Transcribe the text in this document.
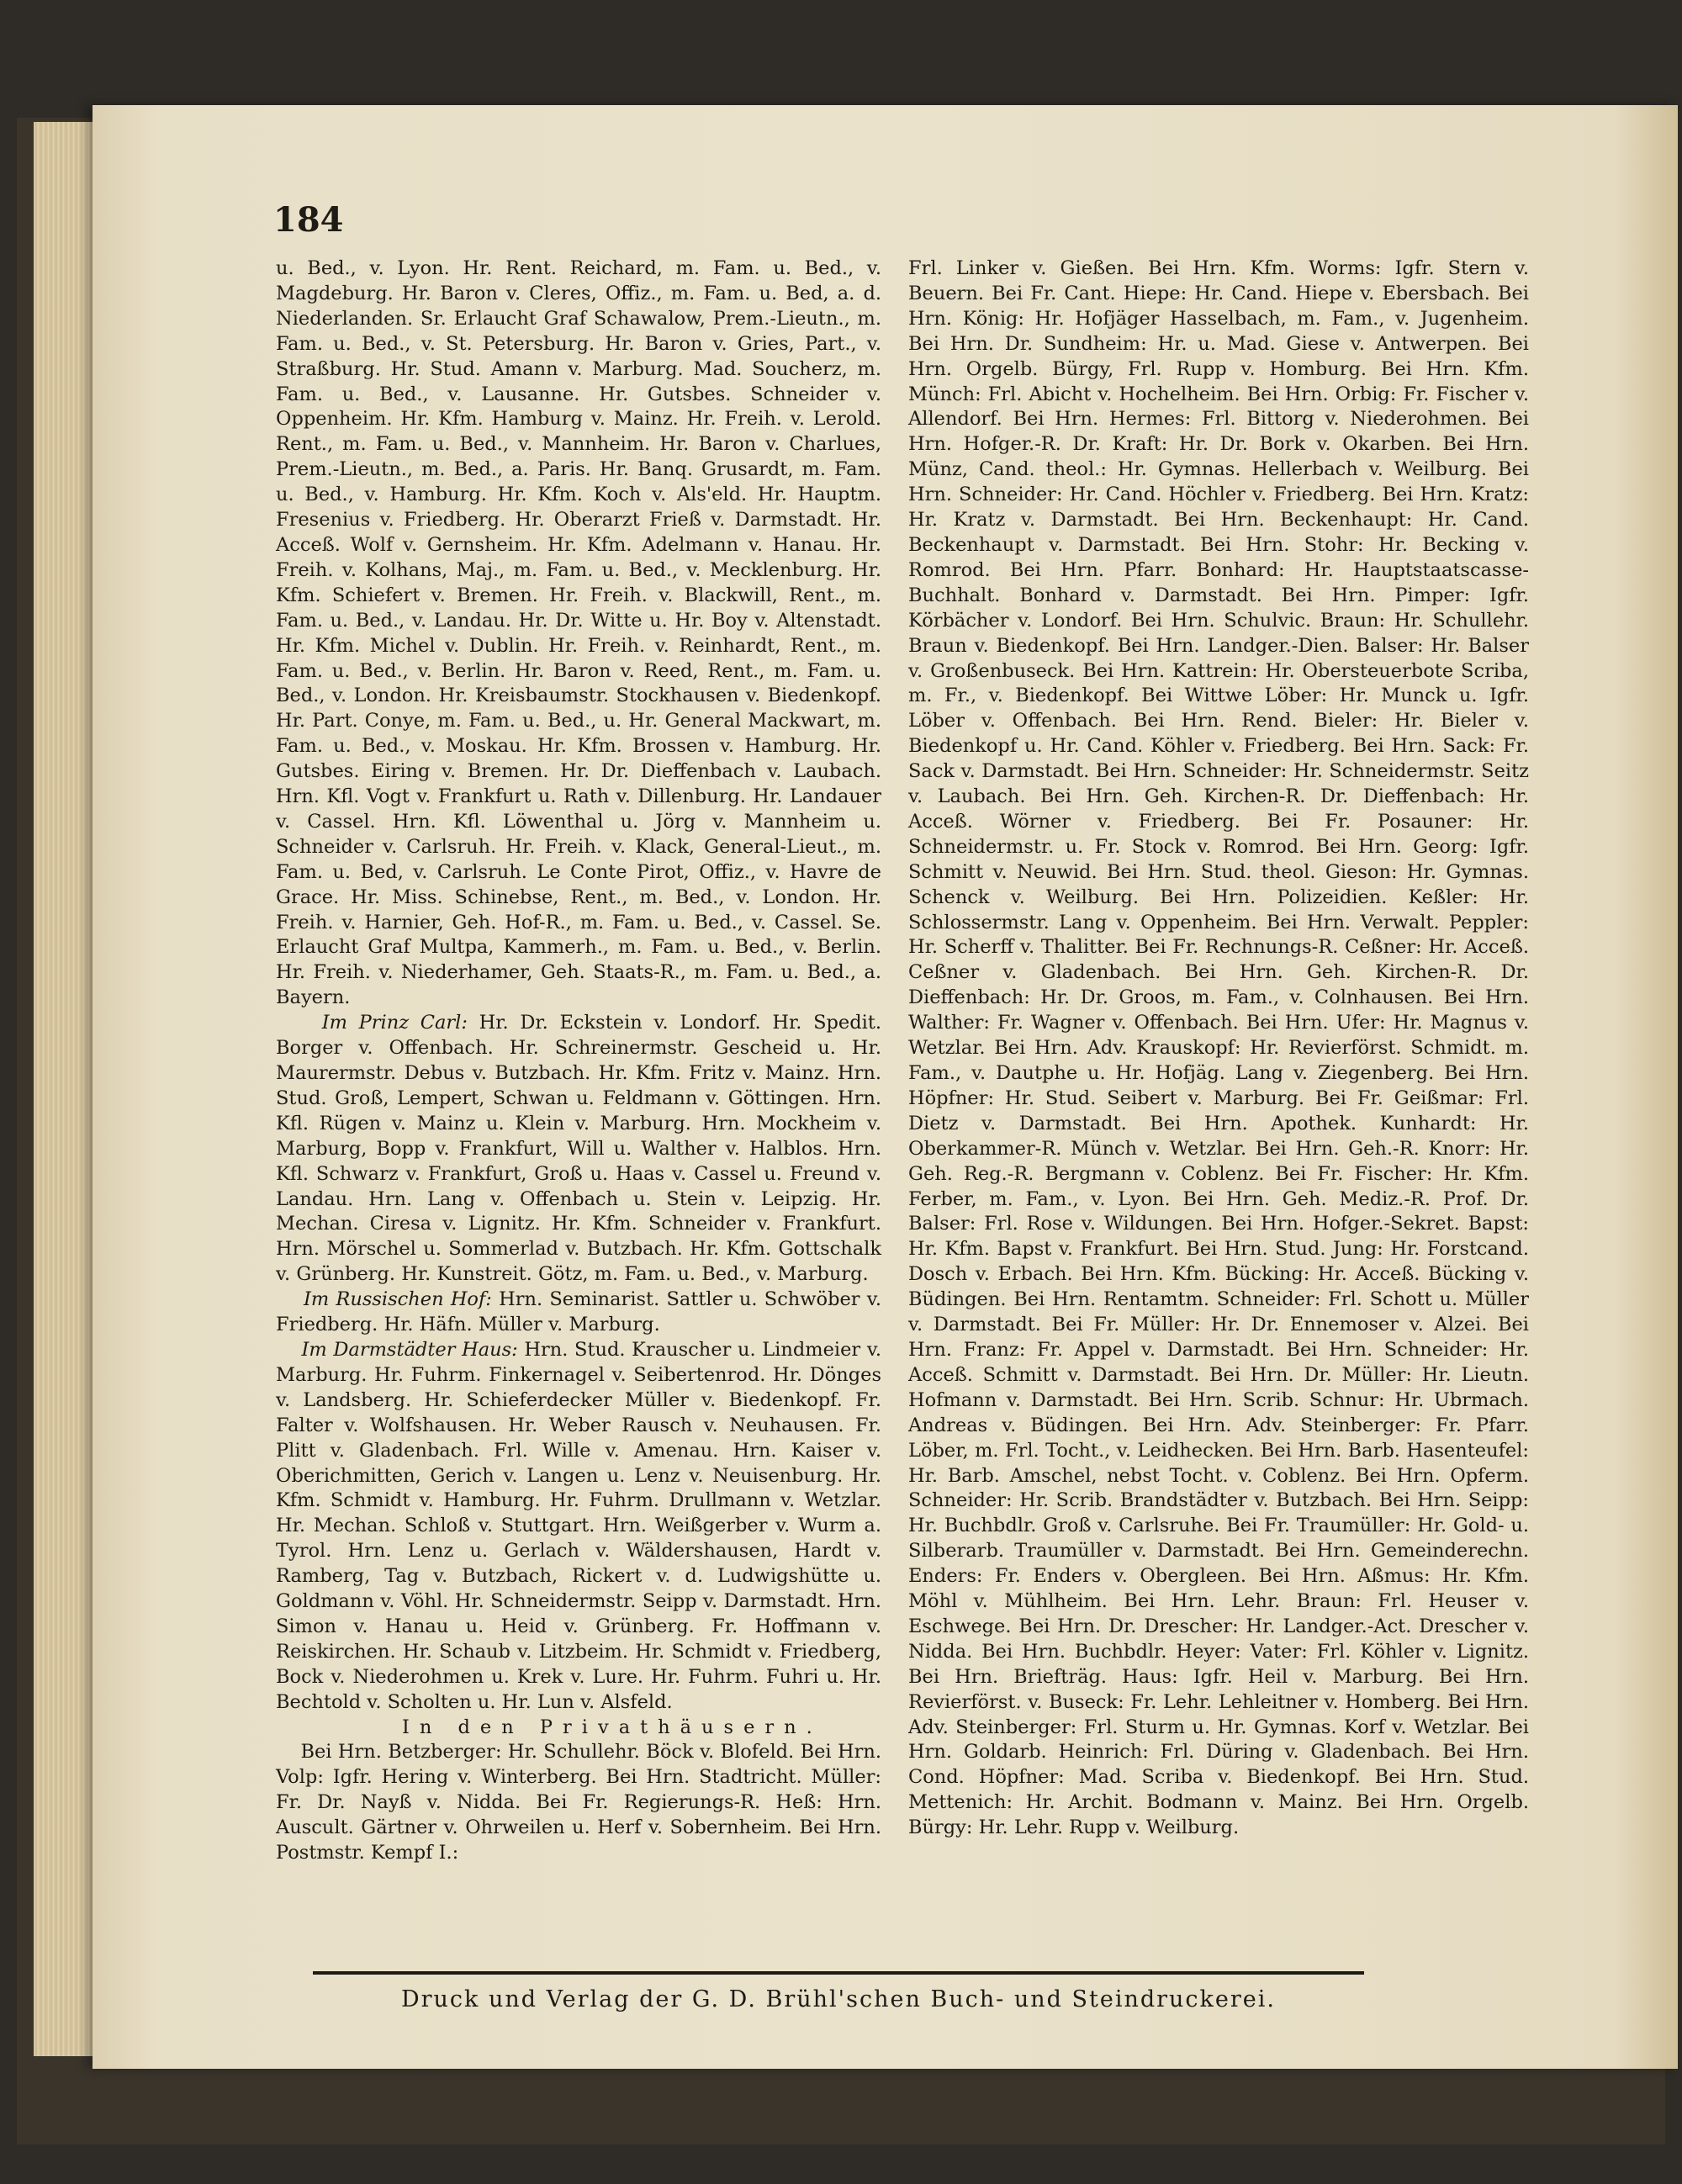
184

u. Bed., v. Lyon. Hr. Rent. Reichard, m. Fam. u. Bed., v. Magdeburg. Hr. Baron v. Cleres, Offiz., m. Fam. u. Bed, a. d. Niederlanden. Sr. Erlaucht Graf Schawalow, Prem.-Lieutn., m. Fam. u. Bed., v. St. Petersburg. Hr. Baron v. Gries, Part., v. Straßburg. Hr. Stud. Amann v. Marburg. Mad. Soucherz, m. Fam. u. Bed., v. Lausanne. Hr. Gutsbes. Schneider v. Oppenheim. Hr. Kfm. Hamburg v. Mainz. Hr. Freih. v. Lerold. Rent., m. Fam. u. Bed., v. Mannheim. Hr. Baron v. Charlues, Prem.-Lieutn., m. Bed., a. Paris. Hr. Banq. Grusardt, m. Fam. u. Bed., v. Hamburg. Hr. Kfm. Koch v. Als'eld. Hr. Hauptm. Fresenius v. Friedberg. Hr. Oberarzt Frieß v. Darmstadt. Hr. Acceß. Wolf v. Gernsheim. Hr. Kfm. Adelmann v. Hanau. Hr. Freih. v. Kolhans, Maj., m. Fam. u. Bed., v. Mecklenburg. Hr. Kfm. Schiefert v. Bremen. Hr. Freih. v. Blackwill, Rent., m. Fam. u. Bed., v. Landau. Hr. Dr. Witte u. Hr. Boy v. Altenstadt. Hr. Kfm. Michel v. Dublin. Hr. Freih. v. Reinhardt, Rent., m. Fam. u. Bed., v. Berlin. Hr. Baron v. Reed, Rent., m. Fam. u. Bed., v. London. Hr. Kreisbaumstr. Stockhausen v. Biedenkopf. Hr. Part. Conye, m. Fam. u. Bed., u. Hr. General Mackwart, m. Fam. u. Bed., v. Moskau. Hr. Kfm. Brossen v. Hamburg. Hr. Gutsbes. Eiring v. Bremen. Hr. Dr. Dieffenbach v. Laubach. Hrn. Kfl. Vogt v. Frankfurt u. Rath v. Dillenburg. Hr. Landauer v. Cassel. Hrn. Kfl. Löwenthal u. Jörg v. Mannheim u. Schneider v. Carlsruh. Hr. Freih. v. Klack, General-Lieut., m. Fam. u. Bed, v. Carlsruh. Le Conte Pirot, Offiz., v. Havre de Grace. Hr. Miss. Schinebse, Rent., m. Bed., v. London. Hr. Freih. v. Harnier, Geh. Hof-R., m. Fam. u. Bed., v. Cassel. Se. Erlaucht Graf Multpa, Kammerh., m. Fam. u. Bed., v. Berlin. Hr. Freih. v. Niederhamer, Geh. Staats-R., m. Fam. u. Bed., a. Bayern.

Im Prinz Carl: Hr. Dr. Eckstein v. Londorf. Hr. Spedit. Borger v. Offenbach. Hr. Schreinermstr. Gescheid u. Hr. Maurermstr. Debus v. Butzbach. Hr. Kfm. Fritz v. Mainz. Hrn. Stud. Groß, Lempert, Schwan u. Feldmann v. Göttingen. Hrn. Kfl. Rügen v. Mainz u. Klein v. Marburg. Hrn. Mockheim v. Marburg, Bopp v. Frankfurt, Will u. Walther v. Halblos. Hrn. Kfl. Schwarz v. Frankfurt, Groß u. Haas v. Cassel u. Freund v. Landau. Hrn. Lang v. Offenbach u. Stein v. Leipzig. Hr. Mechan. Ciresa v. Lignitz. Hr. Kfm. Schneider v. Frankfurt. Hrn. Mörschel u. Sommerlad v. Butzbach. Hr. Kfm. Gottschalk v. Grünberg. Hr. Kunstreit. Götz, m. Fam. u. Bed., v. Marburg.

Im Russischen Hof: Hrn. Seminarist. Sattler u. Schwöber v. Friedberg. Hr. Häfn. Müller v. Marburg.

Im Darmstädter Haus: Hrn. Stud. Krauscher u. Lindmeier v. Marburg. Hr. Fuhrm. Finkernagel v. Seibertenrod. Hr. Dönges v. Landsberg. Hr. Schieferdecker Müller v. Biedenkopf. Fr. Falter v. Wolfshausen. Hr. Weber Rausch v. Neuhausen. Fr. Plitt v. Gladenbach. Frl. Wille v. Amenau. Hrn. Kaiser v. Oberichmitten, Gerich v. Langen u. Lenz v. Neuisenburg. Hr. Kfm. Schmidt v. Hamburg. Hr. Fuhrm. Drullmann v. Wetzlar. Hr. Mechan. Schloß v. Stuttgart. Hrn. Weißgerber v. Wurm a. Tyrol. Hrn. Lenz u. Gerlach v. Wäldershausen, Hardt v. Ramberg, Tag v. Butzbach, Rickert v. d. Ludwigshütte u. Goldmann v. Vöhl. Hr. Schneidermstr. Seipp v. Darmstadt. Hrn. Simon v. Hanau u. Heid v. Grünberg. Fr. Hoffmann v. Reiskirchen. Hr. Schaub v. Litzbeim. Hr. Schmidt v. Friedberg, Bock v. Niederohmen u. Krek v. Lure. Hr. Fuhrm. Fuhri u. Hr. Bechtold v. Scholten u. Hr. Lun v. Alsfeld.

In den Privathäusern.

Bei Hrn. Betzberger: Hr. Schullehr. Böck v. Blofeld. Bei Hrn. Volp: Igfr. Hering v. Winterberg. Bei Hrn. Stadtricht. Müller: Fr. Dr. Nayß v. Nidda. Bei Fr. Regierungs-R. Heß: Hrn. Auscult. Gärtner v. Ohrweilen u. Herf v. Sobernheim. Bei Hrn. Postmstr. Kempf I.:

Frl. Linker v. Gießen. Bei Hrn. Kfm. Worms: Igfr. Stern v. Beuern. Bei Fr. Cant. Hiepe: Hr. Cand. Hiepe v. Ebersbach. Bei Hrn. König: Hr. Hofjäger Hasselbach, m. Fam., v. Jugenheim. Bei Hrn. Dr. Sundheim: Hr. u. Mad. Giese v. Antwerpen. Bei Hrn. Orgelb. Bürgy, Frl. Rupp v. Homburg. Bei Hrn. Kfm. Münch: Frl. Abicht v. Hochelheim. Bei Hrn. Orbig: Fr. Fischer v. Allendorf. Bei Hrn. Hermes: Frl. Bittorg v. Niederohmen. Bei Hrn. Hofger.-R. Dr. Kraft: Hr. Dr. Bork v. Okarben. Bei Hrn. Münz, Cand. theol.: Hr. Gymnas. Hellerbach v. Weilburg. Bei Hrn. Schneider: Hr. Cand. Höchler v. Friedberg. Bei Hrn. Kratz: Hr. Kratz v. Darmstadt. Bei Hrn. Beckenhaupt: Hr. Cand. Beckenhaupt v. Darmstadt. Bei Hrn. Stohr: Hr. Becking v. Romrod. Bei Hrn. Pfarr. Bonhard: Hr. Hauptstaatscasse-Buchhalt. Bonhard v. Darmstadt. Bei Hrn. Pimper: Igfr. Körbächer v. Londorf. Bei Hrn. Schulvic. Braun: Hr. Schullehr. Braun v. Biedenkopf. Bei Hrn. Landger.-Dien. Balser: Hr. Balser v. Großenbuseck. Bei Hrn. Kattrein: Hr. Obersteuerbote Scriba, m. Fr., v. Biedenkopf. Bei Wittwe Löber: Hr. Munck u. Igfr. Löber v. Offenbach. Bei Hrn. Rend. Bieler: Hr. Bieler v. Biedenkopf u. Hr. Cand. Köhler v. Friedberg. Bei Hrn. Sack: Fr. Sack v. Darmstadt. Bei Hrn. Schneider: Hr. Schneidermstr. Seitz v. Laubach. Bei Hrn. Geh. Kirchen-R. Dr. Dieffenbach: Hr. Acceß. Wörner v. Friedberg. Bei Fr. Posauner: Hr. Schneidermstr. u. Fr. Stock v. Romrod. Bei Hrn. Georg: Igfr. Schmitt v. Neuwid. Bei Hrn. Stud. theol. Gieson: Hr. Gymnas. Schenck v. Weilburg. Bei Hrn. Polizeidien. Keßler: Hr. Schlossermstr. Lang v. Oppenheim. Bei Hrn. Verwalt. Peppler: Hr. Scherff v. Thalitter. Bei Fr. Rechnungs-R. Ceßner: Hr. Acceß. Ceßner v. Gladenbach. Bei Hrn. Geh. Kirchen-R. Dr. Dieffenbach: Hr. Dr. Groos, m. Fam., v. Colnhausen. Bei Hrn. Walther: Fr. Wagner v. Offenbach. Bei Hrn. Ufer: Hr. Magnus v. Wetzlar. Bei Hrn. Adv. Krauskopf: Hr. Revierförst. Schmidt. m. Fam., v. Dautphe u. Hr. Hofjäg. Lang v. Ziegenberg. Bei Hrn. Höpfner: Hr. Stud. Seibert v. Marburg. Bei Fr. Geißmar: Frl. Dietz v. Darmstadt. Bei Hrn. Apothek. Kunhardt: Hr. Oberkammer-R. Münch v. Wetzlar. Bei Hrn. Geh.-R. Knorr: Hr. Geh. Reg.-R. Bergmann v. Coblenz. Bei Fr. Fischer: Hr. Kfm. Ferber, m. Fam., v. Lyon. Bei Hrn. Geh. Mediz.-R. Prof. Dr. Balser: Frl. Rose v. Wildungen. Bei Hrn. Hofger.-Sekret. Bapst: Hr. Kfm. Bapst v. Frankfurt. Bei Hrn. Stud. Jung: Hr. Forstcand. Dosch v. Erbach. Bei Hrn. Kfm. Bücking: Hr. Acceß. Bücking v. Büdingen. Bei Hrn. Rentamtm. Schneider: Frl. Schott u. Müller v. Darmstadt. Bei Fr. Müller: Hr. Dr. Ennemoser v. Alzei. Bei Hrn. Franz: Fr. Appel v. Darmstadt. Bei Hrn. Schneider: Hr. Acceß. Schmitt v. Darmstadt. Bei Hrn. Dr. Müller: Hr. Lieutn. Hofmann v. Darmstadt. Bei Hrn. Scrib. Schnur: Hr. Ubrmach. Andreas v. Büdingen. Bei Hrn. Adv. Steinberger: Fr. Pfarr. Löber, m. Frl. Tocht., v. Leidhecken. Bei Hrn. Barb. Hasenteufel: Hr. Barb. Amschel, nebst Tocht. v. Coblenz. Bei Hrn. Opferm. Schneider: Hr. Scrib. Brandstädter v. Butzbach. Bei Hrn. Seipp: Hr. Buchbdlr. Groß v. Carlsruhe. Bei Fr. Traumüller: Hr. Gold- u. Silberarb. Traumüller v. Darmstadt. Bei Hrn. Gemeinderechn. Enders: Fr. Enders v. Obergleen. Bei Hrn. Aßmus: Hr. Kfm. Möhl v. Mühlheim. Bei Hrn. Lehr. Braun: Frl. Heuser v. Eschwege. Bei Hrn. Dr. Drescher: Hr. Landger.-Act. Drescher v. Nidda. Bei Hrn. Buchbdlr. Heyer: Vater: Frl. Köhler v. Lignitz. Bei Hrn. Briefträg. Haus: Igfr. Heil v. Marburg. Bei Hrn. Revierförst. v. Buseck: Fr. Lehr. Lehleitner v. Homberg. Bei Hrn. Adv. Steinberger: Frl. Sturm u. Hr. Gymnas. Korf v. Wetzlar. Bei Hrn. Goldarb. Heinrich: Frl. Düring v. Gladenbach. Bei Hrn. Cond. Höpfner: Mad. Scriba v. Biedenkopf. Bei Hrn. Stud. Mettenich: Hr. Archit. Bodmann v. Mainz. Bei Hrn. Orgelb. Bürgy: Hr. Lehr. Rupp v. Weilburg.

Druck und Verlag der G. D. Brühl'schen Buch- und Steindruckerei.
